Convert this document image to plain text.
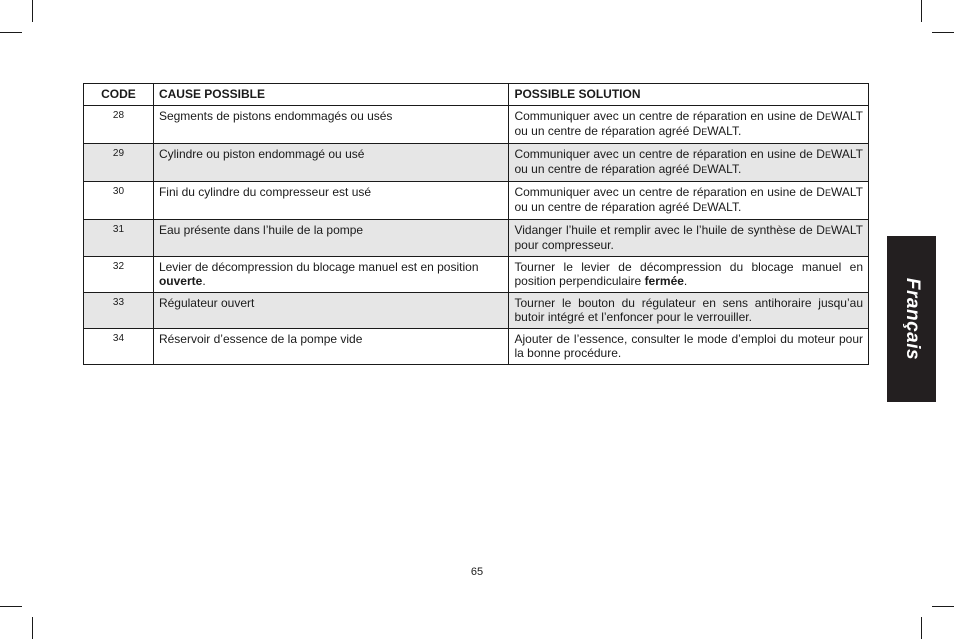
CODE	CAUSE POSSIBLE	POSSIBLE SOLUTION
28	Segments de pistons endommagés ou usés	Communiquer avec un centre de réparation en usine de DEWALT ou un centre de réparation agréé DEWALT.
29	Cylindre ou piston endommagé ou usé	Communiquer avec un centre de réparation en usine de DEWALT ou un centre de réparation agréé DEWALT.
30	Fini du cylindre du compresseur est usé	Communiquer avec un centre de réparation en usine de DEWALT ou un centre de réparation agréé DEWALT.
31	Eau présente dans l’huile de la pompe	Vidanger l’huile et remplir avec le l’huile de synthèse de DEWALT pour compresseur.
32	Levier de décompression du blocage manuel est en position ouverte.	Tourner le levier de décompression du blocage manuel en position perpendiculaire fermée.
33	Régulateur ouvert	Tourner le bouton du régulateur en sens antihoraire jusqu’au butoir intégré et l’enfoncer pour le verrouiller.
34	Réservoir d’essence de la pompe vide	Ajouter de l’essence, consulter le mode d’emploi du moteur pour la bonne procédure.	Français
65
